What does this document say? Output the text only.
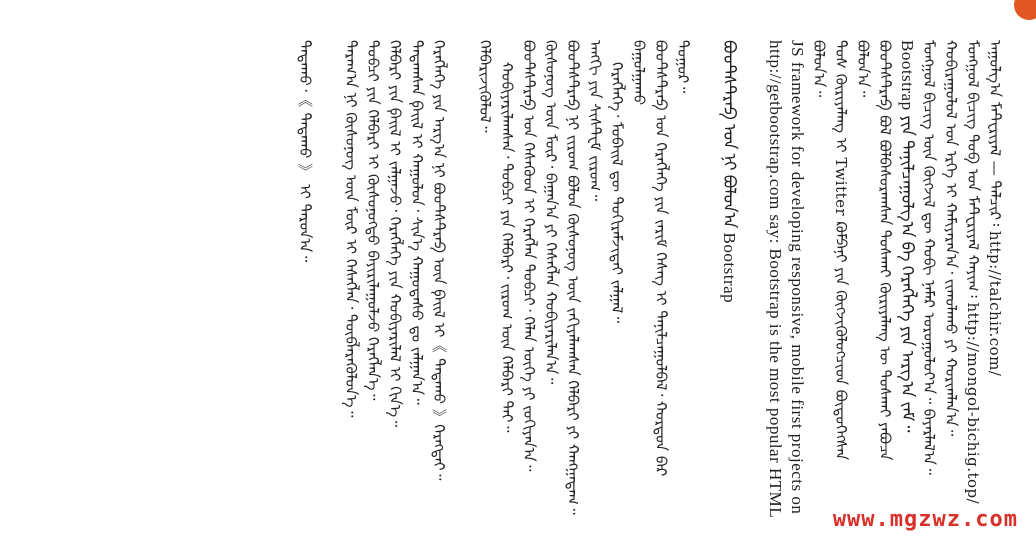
ᠠᠭᠤᠯᠭ᠎ᠠ ᠮᠠᠲ᠋ᠧᠷᠢᠶᠠᠯ — ᠲᠠᠯᠴᠢᠷ᠄ http://talchir.com/
ᠮᠣᠩᠭᠣᠯ ᠪᠢᠴᠢᠭ ᠲᠣᠪ ᠤᠨ ᠮᠠᠲ᠋ᠧᠷᠢᠶᠠᠯ ᠬᠠᠶᠢᠭ᠄ http://mongol-bichig.top/
ᠬᠣᠪᠢᠷᠠᠭᠤᠯᠤᠯ ᠤᠨ ᠡᠷᠬᠡ ᠢ ᠬᠠᠮᠢᠶᠠᠷᠠᠨ᠎ᠠ᠂ ᠵᠢᠬᠤᠯᠠᠬᠤ ᠶᠢ ᠬᠣᠷᠢᠭᠯᠠᠨ᠎ᠠ᠃
ᠮᠣᠩᠭᠣᠯ ᠪᠢᠴᠢᠭ ᠦᠨ ᠬᠥᠭᠵᠢᠯ ᠳᠦ ᠬᠤᠪᠢ ᠨᠡᠮᠡᠷ ᠣᠷᠣᠭᠤᠯᠤᠶ᠎ᠠ᠃ ᠪᠠᠶᠠᠷᠯᠠᠯ᠎ᠠ᠃
Bootstrap ᠶᠢᠨ ᠲᠠᠨᠢᠯᠴᠠᠭᠤᠯᠭ᠎ᠠ ᠪᠠ ᠬᠡᠷᠡᠭᠯᠡᠭᠡ ᠶᠢᠨ ᠠᠷᠭ᠎ᠠ ᠵᠠᠮ᠃
ᠪᠣᠣᠲᠰᠲᠷᠠᠫ ᠪᠣᠯ ᠪᠣᠯᠪᠠᠰᠤᠷᠠᠭᠰᠠᠨ ᠲᠤᠰᠬᠠᠢ ᠬᠦᠷᠢᠶᠡᠯᠡᠩ ᠦ ᠲᠤᠰᠬᠠᠢ ᠶᠠᠪᠤᠴᠠ ᠪᠣᠯᠤᠨ᠎ᠠ᠃
ᠲᠤᠰ ᠬᠦᠷᠢᠶᠡᠯᠡᠩ ᠢ Twitter ᠺᠣᠮᠫᠠᠨᠢ ᠶᠢᠨ ᠬᠥᠭᠵᠢᠭᠦᠯᠦᠭᠴᠢᠳ ᠪᠦᠲᠦᠭᠡᠭᠰᠡᠨ ᠪᠣᠯᠤᠨ᠎ᠠ᠃
JS framework for developing responsive, mobile first projects on
http://getbootstrap.com say: Bootstrap is the most popular HTML
ᠪᠣᠣᠲᠰᠲᠷᠠᠫ ᠤᠨ ᠨᠢ ᠪᠣᠯᠤᠨ᠎ᠠ Bootstrap
ᠲᠣᠭᠤᠷ᠃
ᠪᠣᠣᠲᠰᠲᠷᠠᠫ ᠤᠨ ᠬᠡᠷᠡᠭᠯᠡᠭᠡ ᠶᠢᠨ ᠵᠠᠷᠢᠮ ᠬᠡᠰᠡᠭ ᠢ ᠲᠠᠨᠢᠯᠴᠠᠭᠤᠯᠪᠠᠯ᠂ ᠬᠤᠷᠳᠤᠨ ᠪᠠᠷ ᠪᠠᠭᠤᠯᠭᠠᠬᠤ
ᠬᠡᠷᠡᠭᠯᠡᠭᠡ᠂ ᠮᠣᠪᠠᠢᠯ ᠳᠦ ᠲᠣᠬᠢᠷᠠᠮᠵᠢᠲᠠᠢ ᠵᠠᠯᠭᠠᠯ᠃
ᠠᠩᠭᠢ ᠶᠢᠨ ᠰᠢᠰᠲ᠋ᠧᠮ ᠵᠢᠷᠤᠭ᠃
ᠪᠣᠣᠲᠰᠲᠷᠠᠫ ᠨᠢ ᠵᠢᠷᠤᠭ ᠪᠣᠯᠤᠨ ᠬᠦᠰᠦᠨᠦᠭ ᠦᠨ ᠵᠠᠬᠢᠶᠠᠯᠠᠭᠰᠠᠨ ᠬᠡᠯᠪᠡᠷᠢ ᠶᠢ ᠬᠠᠩᠭᠠᠳᠠᠭ᠃
ᠬᠦᠰᠦᠨᠦᠭ ᠦᠨ ᠮᠥᠷ᠂ ᠪᠠᠭᠠᠨ᠎ᠠ ᠶᠢ ᠬᠡᠰᠡᠭᠯᠡᠨ ᠬᠤᠪᠢᠶᠠᠷᠢᠯᠠᠨ᠎ᠠ᠃
ᠪᠣᠣᠲᠰᠲᠷᠠᠫ ᠤᠨ ᠬᠡᠰᠡᠭᠦᠳ ᠢ ᠬᠡᠷᠡᠭᠯᠡᠨ ᠲᠣᠪᠴᠢ᠂ ᠬᠡᠯᠡᠨ ᠦᠭᠡ ᠶᠢ ᠵᠣᠬᠢᠶᠠᠨ᠎ᠠ᠃
ᠬᠤᠪᠢᠶᠠᠷᠢᠯᠠᠭᠰᠠᠨ᠂ ᠲᠣᠪᠴᠢ ᠶᠢᠨ ᠬᠡᠯᠪᠡᠷᠢ᠂ ᠵᠢᠷᠤᠭ ᠦᠨ ᠬᠡᠯᠪᠡᠷᠢ ᠲᠠᠢ᠃
ᠬᠡᠯᠪᠡᠷᠢᠵᠢᠭᠦᠯᠦᠯ᠃
ᠬᠡᠷᠡᠭᠯᠡᠭᠡ ᠶᠢᠨ ᠠᠷᠭ᠎ᠠ ᠨᠢ ᠪᠣᠣᠲᠰᠲᠷᠠᠫ ᠦᠨ ᠹᠠᠢᠯ ᠢ《 ᠲᠠᠲᠠᠬᠤ 》ᠬᠡᠷᠡᠭᠲᠡᠢ᠃
ᠲᠠᠲᠠᠭᠰᠠᠨ ᠹᠠᠢᠯ ᠢ ᠬᠠᠭᠤᠯᠤᠨ᠂ ᠰᠢᠨ᠎ᠡ ᠬᠠᠭᠤᠳᠠᠰᠤ ᠳᠤ ᠵᠠᠯᠭᠠᠨ᠎ᠠ᠃
ᠬᠡᠯᠪᠡᠷᠢ ᠶᠢᠨ ᠹᠠᠢᠯ ᠢ ᠵᠠᠯᠭᠠᠵᠤ᠂ ᠬᠡᠷᠡᠭᠯᠡᠭᠡ ᠶᠢᠨ ᠬᠤᠪᠢᠶᠠᠷᠢᠯᠠᠯ ᠢ ᠬᠢᠨ᠎ᠡ᠃
ᠲᠣᠪᠴᠢ ᠶᠢᠨ ᠬᠡᠯᠪᠡᠷᠢ ᠢ ᠬᠦᠰᠦᠨᠦᠭᠲᠦ ᠪᠠᠶᠢᠷᠢᠯᠠᠭᠤᠯᠵᠤ ᠬᠡᠷᠡᠭᠯᠡᠨ᠎ᠡ᠃
ᠲᠠᠷᠠᠭ᠎ᠠ ᠨᠢ ᠬᠦᠰᠦᠨᠦᠭ ᠦᠨ ᠮᠥᠷ ᠢ ᠬᠡᠰᠡᠭᠯᠡᠨ᠂ ᠲᠥᠪᠯᠡᠷᠡᠭᠦᠯᠦᠨ᠎ᠡ᠃
ᠲᠠᠲᠠᠬᠤ᠂《 ᠲᠠᠲᠠᠬᠤ 》 ᠢ ᠳᠠᠷᠤᠨ᠎ᠠ᠃
www.mgzwz.com
